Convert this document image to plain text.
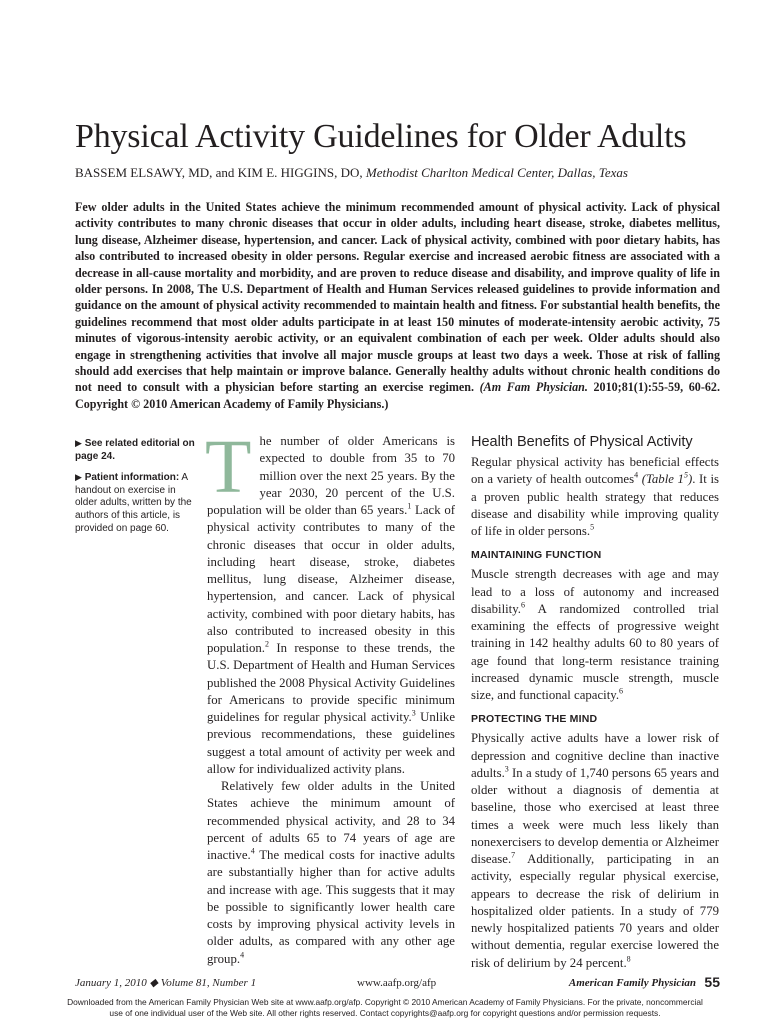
Physical Activity Guidelines for Older Adults
BASSEM ELSAWY, MD, and KIM E. HIGGINS, DO, Methodist Charlton Medical Center, Dallas, Texas

Few older adults in the United States achieve the minimum recommended amount of physical activity. Lack of physical activity contributes to many chronic diseases that occur in older adults, including heart disease, stroke, diabetes mellitus, lung disease, Alzheimer disease, hypertension, and cancer. Lack of physical activity, combined with poor dietary habits, has also contributed to increased obesity in older persons. Regular exercise and increased aerobic fitness are associated with a decrease in all-cause mortality and morbidity, and are proven to reduce disease and disability, and improve quality of life in older persons. In 2008, The U.S. Department of Health and Human Services released guidelines to provide information and guidance on the amount of physical activity recommended to maintain health and fitness. For substantial health benefits, the guidelines recommend that most older adults participate in at least 150 minutes of moderate-intensity aerobic activity, 75 minutes of vigorous-intensity aerobic activity, or an equivalent combination of each per week. Older adults should also engage in strengthening activities that involve all major muscle groups at least two days a week. Those at risk of falling should add exercises that help maintain or improve balance. Generally healthy adults without chronic health conditions do not need to consult with a physician before starting an exercise regimen. (Am Fam Physician. 2010;81(1):55-59, 60-62. Copyright © 2010 American Academy of Family Physicians.)

▶ See related editorial on page 24.
▶ Patient information: A handout on exercise in older adults, written by the authors of this article, is provided on page 60.

The number of older Americans is expected to double from 35 to 70 million over the next 25 years. By the year 2030, 20 percent of the U.S. population will be older than 65 years.$^1$ Lack of physical activity contributes to many of the chronic diseases that occur in older adults, including heart disease, stroke, diabetes mellitus, lung disease, Alzheimer disease, hypertension, and cancer. Lack of physical activity, combined with poor dietary habits, has also contributed to increased obesity in this population.$^2$ In response to these trends, the U.S. Department of Health and Human Services published the 2008 Physical Activity Guidelines for Americans to provide specific minimum guidelines for regular physical activity.$^3$ Unlike previous recommendations, these guidelines suggest a total amount of activity per week and allow for individualized activity plans.

Relatively few older adults in the United States achieve the minimum amount of recommended physical activity, and 28 to 34 percent of adults 65 to 74 years of age are inactive.$^4$ The medical costs for inactive adults are substantially higher than for active adults and increase with age. This suggests that it may be possible to significantly lower health care costs by improving physical activity levels in older adults, as compared with any other age group.$^4$

Health Benefits of Physical Activity

Regular physical activity has beneficial effects on a variety of health outcomes$^4$ (Table $1^5$). It is a proven public health strategy that reduces disease and disability while improving quality of life in older persons.$^5$

MAINTAINING FUNCTION

Muscle strength decreases with age and may lead to a loss of autonomy and increased disability.$^6$ A randomized controlled trial examining the effects of progressive weight training in 142 healthy adults 60 to 80 years of age found that long-term resistance training increased dynamic muscle strength, muscle size, and functional capacity.$^6$

PROTECTING THE MIND

Physically active adults have a lower risk of depression and cognitive decline than inactive adults.$^3$ In a study of 1,740 persons 65 years and older without a diagnosis of dementia at baseline, those who exercised at least three times a week were much less likely than nonexercisers to develop dementia or Alzheimer disease.$^7$ Additionally, participating in an activity, especially regular physical exercise, appears to decrease the risk of delirium in hospitalized older patients. In a study of 779 newly hospitalized patients 70 years and older without dementia, regular exercise lowered the risk of delirium by 24 percent.$^8$

January 1, 2010 ◆ Volume 81, Number 1	www.aafp.org/afp	American Family Physician 55
Downloaded from the American Family Physician Web site at www.aafp.org/afp. Copyright © 2010 American Academy of Family Physicians. For the private, noncommercial use of one individual user of the Web site. All other rights reserved. Contact copyrights@aafp.org for copyright questions and/or permission requests.
